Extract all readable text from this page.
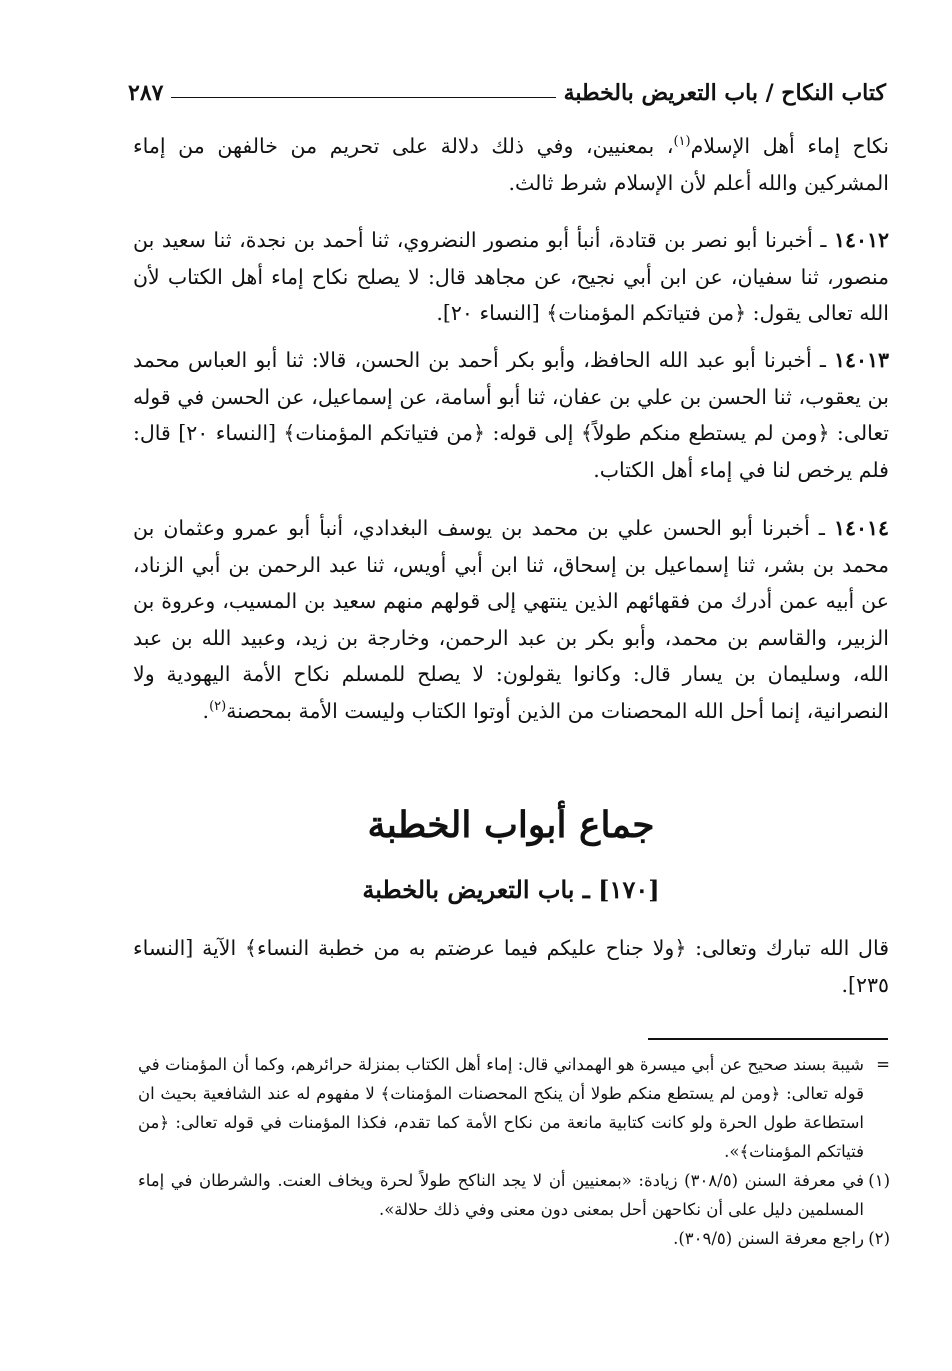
كتاب النكاح / باب التعريض بالخطبة
٢٨٧

نكاح إماء أهل الإسلام$^{(١)}$، بمعنيين، وفي ذلك دلالة على تحريم من خالفهن من إماء المشركين والله أعلم لأن الإسلام شرط ثالث.

١٤٠١٢ ـ أخبرنا أبو نصر بن قتادة، أنبأ أبو منصور النضروي، ثنا أحمد بن نجدة، ثنا سعيد بن منصور، ثنا سفيان، عن ابن أبي نجيح، عن مجاهد قال: لا يصلح نكاح إماء أهل الكتاب لأن الله تعالى يقول: ﴿من فتياتكم المؤمنات﴾ [النساء ٢٠].

١٤٠١٣ ـ أخبرنا أبو عبد الله الحافظ، وأبو بكر أحمد بن الحسن، قالا: ثنا أبو العباس محمد بن يعقوب، ثنا الحسن بن علي بن عفان، ثنا أبو أسامة، عن إسماعيل، عن الحسن في قوله تعالى: ﴿ومن لم يستطع منكم طولاً﴾ إلى قوله: ﴿من فتياتكم المؤمنات﴾ [النساء ٢٠] قال: فلم يرخص لنا في إماء أهل الكتاب.

١٤٠١٤ ـ أخبرنا أبو الحسن علي بن محمد بن يوسف البغدادي، أنبأ أبو عمرو وعثمان بن محمد بن بشر، ثنا إسماعيل بن إسحاق، ثنا ابن أبي أويس، ثنا عبد الرحمن بن أبي الزناد، عن أبيه عمن أدرك من فقهائهم الذين ينتهي إلى قولهم منهم سعيد بن المسيب، وعروة بن الزبير، والقاسم بن محمد، وأبو بكر بن عبد الرحمن، وخارجة بن زيد، وعبيد الله بن عبد الله، وسليمان بن يسار قال: وكانوا يقولون: لا يصلح للمسلم نكاح الأمة اليهودية ولا النصرانية، إنما أحل الله المحصنات من الذين أوتوا الكتاب وليست الأمة بمحصنة$^{(٢)}$.

جماع أبواب الخطبة
[١٧٠] ـ باب التعريض بالخطبة

قال الله تبارك وتعالى: ﴿ولا جناح عليكم فيما عرضتم به من خطبة النساء﴾ الآية [النساء ٢٣٥].

=شيبة بسند صحيح عن أبي ميسرة هو الهمداني قال: إماء أهل الكتاب بمنزلة حرائرهم، وكما أن المؤمنات في قوله تعالى: ﴿ومن لم يستطع منكم طولا أن ينكح المحصنات المؤمنات﴾ لا مفهوم له عند الشافعية بحيث ان استطاعة طول الحرة ولو كانت كتابية مانعة من نكاح الأمة كما تقدم، فكذا المؤمنات في قوله تعالى: ﴿من فتياتكم المؤمنات﴾».

(١)في معرفة السنن (٣٠٨/٥) زيادة: «بمعنيين أن لا يجد الناكح طولاً لحرة ويخاف العنت. والشرطان في إماء المسلمين دليل على أن نكاحهن أحل بمعنى دون معنى وفي ذلك حلالة».

(٢)راجع معرفة السنن (٣٠٩/٥).
